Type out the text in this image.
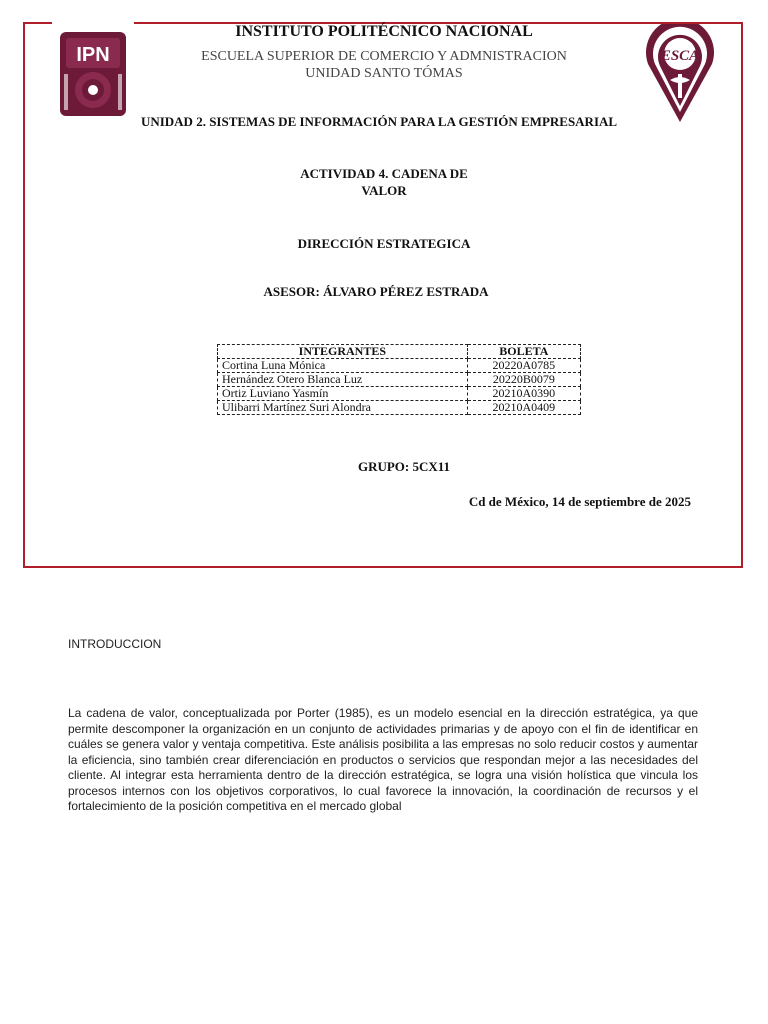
IPN	ESCA
INSTITUTO POLITÉCNICO NACIONAL
ESCUELA SUPERIOR DE COMERCIO Y ADMNISTRACION
UNIDAD SANTO TÓMAS
UNIDAD 2. SISTEMAS DE INFORMACIÓN PARA LA GESTIÓN EMPRESARIAL
ACTIVIDAD 4. CADENA DE
VALOR
DIRECCIÓN ESTRATEGICA
ASESOR: ÁLVARO PÉREZ ESTRADA
INTEGRANTES	BOLETA
Cortina Luna Mónica	20220A0785
Hernández Otero Blanca Luz	20220B0079
Ortiz Luviano Yasmín	20210A0390
Ulibarri Martínez Suri Alondra	20210A0409
GRUPO: 5CX11
Cd de México, 14 de septiembre de 2025
INTRODUCCION
La cadena de valor, conceptualizada por Porter (1985), es un modelo esencial en la dirección estratégica, ya que permite descomponer la organización en un conjunto de actividades primarias y de apoyo con el fin de identificar en cuáles se genera valor y ventaja competitiva. Este análisis posibilita a las empresas no solo reducir costos y aumentar la eficiencia, sino también crear diferenciación en productos o servicios que respondan mejor a las necesidades del cliente. Al integrar esta herramienta dentro de la dirección estratégica, se logra una visión holística que vincula los procesos internos con los objetivos corporativos, lo cual favorece la innovación, la coordinación de recursos y el fortalecimiento de la posición competitiva en el mercado global
